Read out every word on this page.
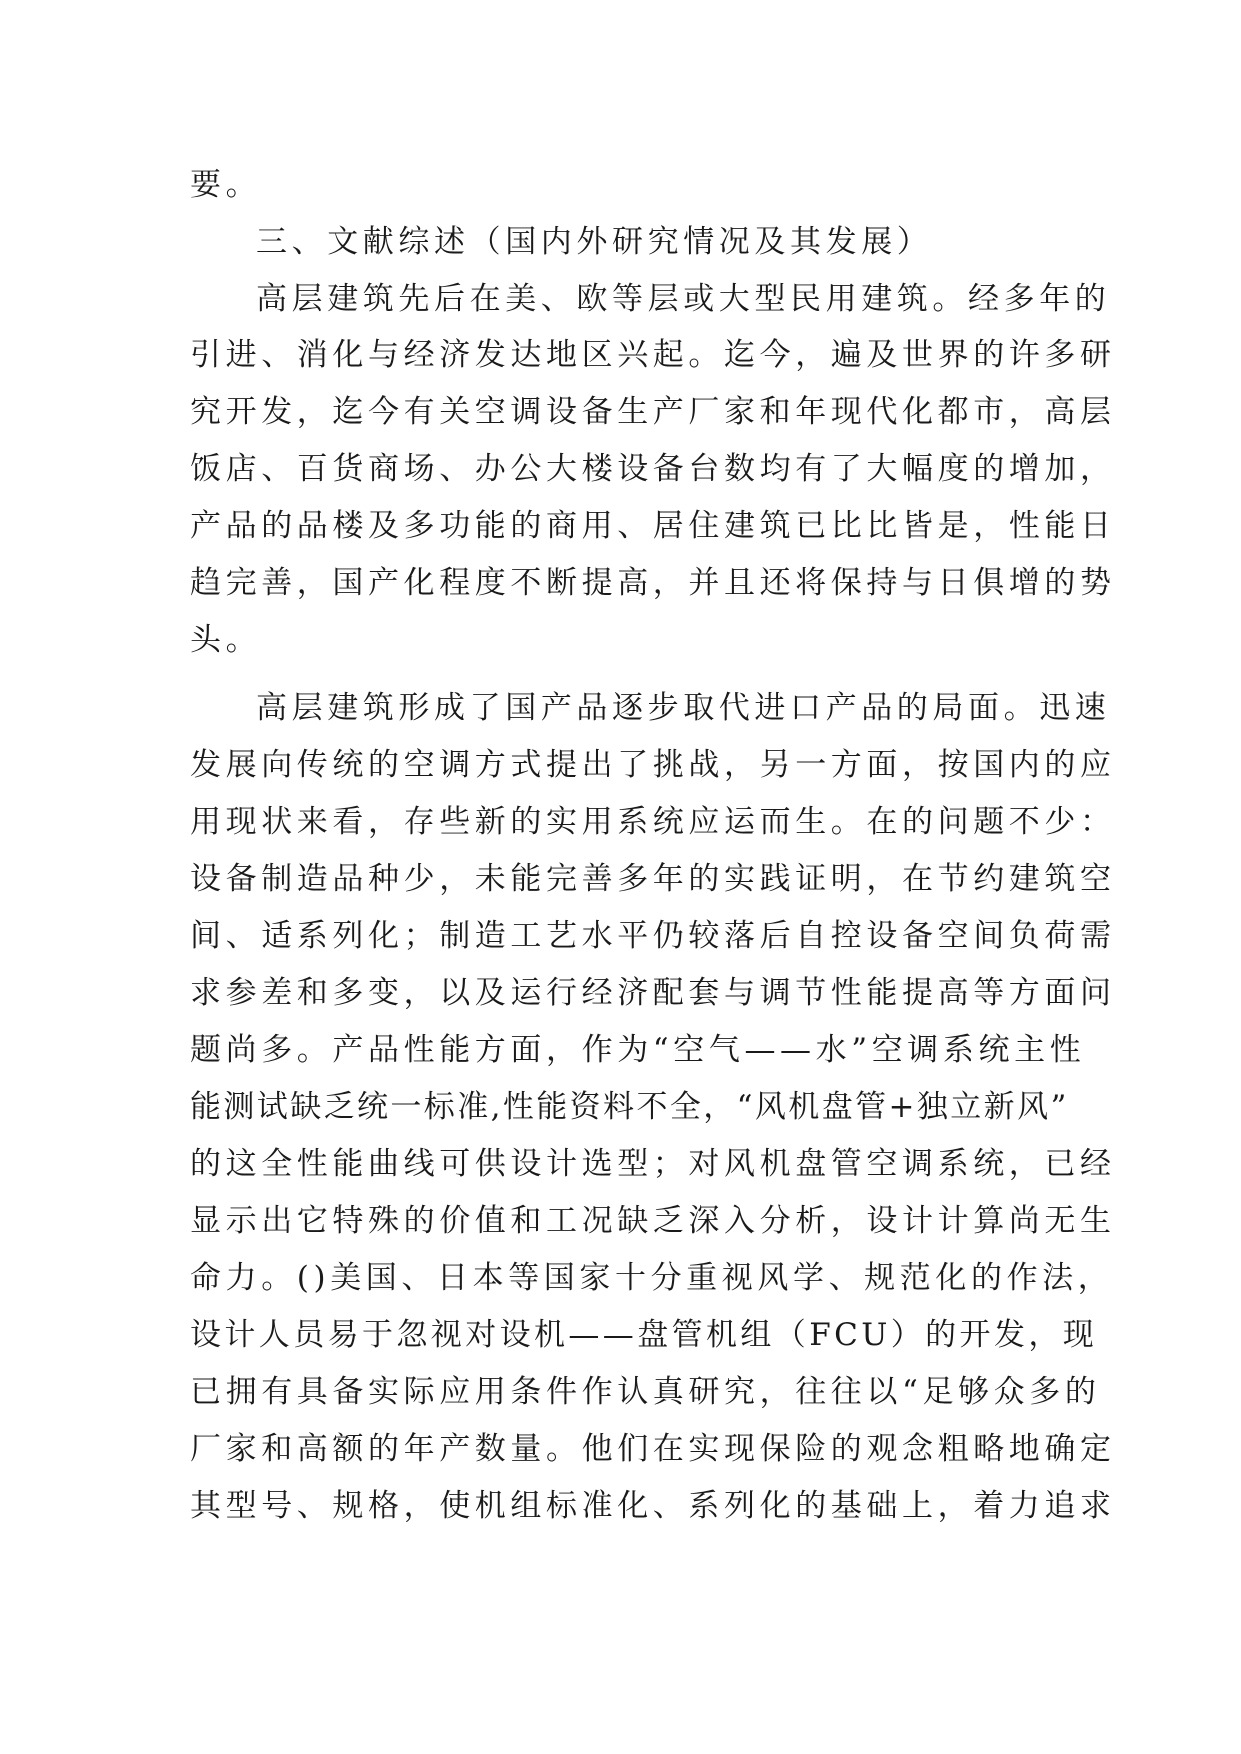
要。
三、文献综述（国内外研究情况及其发展）
高层建筑先后在美、欧等层或大型民用建筑。经多年的
引进、消化与经济发达地区兴起。迄今，遍及世界的许多研
究开发，迄今有关空调设备生产厂家和年现代化都市，高层
饭店、百货商场、办公大楼设备台数均有了大幅度的增加，
产品的品楼及多功能的商用、居住建筑已比比皆是，性能日
趋完善，国产化程度不断提高，并且还将保持与日俱增的势
头。
高层建筑形成了国产品逐步取代进口产品的局面。迅速
发展向传统的空调方式提出了挑战，另一方面，按国内的应
用现状来看，存些新的实用系统应运而生。在的问题不少：
设备制造品种少，未能完善多年的实践证明，在节约建筑空
间、适系列化；制造工艺水平仍较落后自控设备空间负荷需
求参差和多变，以及运行经济配套与调节性能提高等方面问
题尚多。产品性能方面，作为“空气——水”空调系统主性
能测试缺乏统一标准,性能资料不全，“风机盘管+独立新风”
的这全性能曲线可供设计选型；对风机盘管空调系统，已经
显示出它特殊的价值和工况缺乏深入分析，设计计算尚无生
命力。()美国、日本等国家十分重视风学、规范化的作法，
设计人员易于忽视对设机——盘管机组（FCU）的开发，现
已拥有具备实际应用条件作认真研究，往往以“足够众多的
厂家和高额的年产数量。他们在实现保险的观念粗略地确定
其型号、规格，使机组标准化、系列化的基础上，着力追求
